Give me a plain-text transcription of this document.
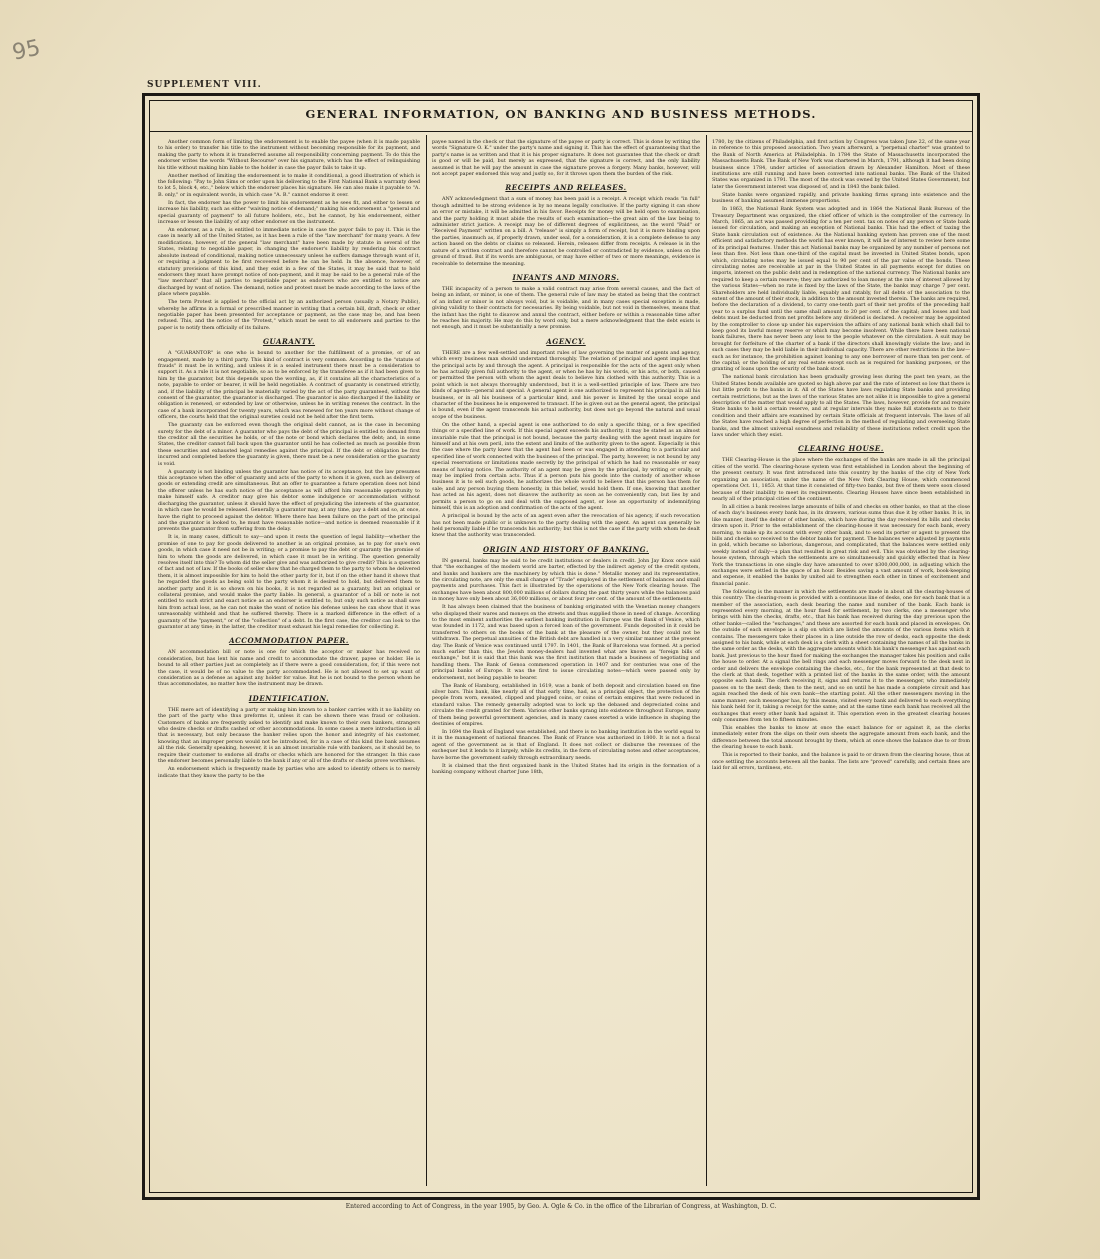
95
SUPPLEMENT VIII.
GENERAL INFORMATION, ON BANKING AND BUSINESS METHODS.

Another common form of limiting the endorsement is to enable the payee (when it is made payable to his order) to transfer his title to the instrument without becoming responsible for its payment, and making the party to whom it is transferred assume all responsibility concerning payment. To do this the endorser writes the words "Without Recourse" over his signature, which has the effect of relinquishing his title without making him liable to the holder in case the payor fails to take it up.

Another method of limiting the endorsement is to make it conditional, a good illustration of which is the following: "Pay to John Sims or order upon his delivering to the First National Bank a warranty deed to lot 5, block 4, etc.," below which the endorser places his signature. He can also make it payable to "A. B. only," or in equivalent words, in which case "A. B." cannot endorse it over.

In fact, the endorser has the power to limit his endorsement as he sees fit, and either to lessen or increase his liability, such as either "waiving notice of demand;" making his endorsement a "general and special guaranty of payment" to all future holders, etc., but he cannot, by his endorsement, either increase or lessen the liability of any other endorser on the instrument.

An endorser, as a rule, is entitled to immediate notice in case the payor fails to pay it. This is the case in nearly all of the United States, as it has been a rule of the "law merchant" for many years. A few modifications, however, of the general "law merchant" have been made by statute in several of the States, relating to negotiable paper, in changing the endorser's liability by rendering his contract absolute instead of conditional, making notice unnecessary unless he suffers damage through want of it, or requiring a judgment to be first recovered before he can be held. In the absence, however, of statutory provisions of this kind, and they exist in a few of the States, it may be said that to hold endorsers they must have prompt notice of non-payment, and it may be said to be a general rule of the "law merchant" that all parties to negotiable paper as endorsers who are entitled to notice are discharged by want of notice. The demand, notice and protest must be made according to the laws of the place where payable.

The term Protest is applied to the official act by an authorized person (usually a Notary Public), whereby he affirms in a formal or prescribed manner in writing that a certain bill, draft, check or other negotiable paper has been presented for acceptance or payment, as the case may be, and has been refused. This, and the notice of the "Protest," which must be sent to all endorsers and parties to the paper is to notify them officially of its failure.

GUARANTY.

A "GUARANTOR" is one who is bound to another for the fulfillment of a promise, or of an engagement, made by a third party. This kind of contract is very common. According to the "statute of frauds" it must be in writing, and unless it is a sealed instrument there must be a consideration to support it. As a rule it is not negotiable, so as to be enforced by the transferee as if it had been given to him by the guarantor, but this depends upon the wording, as, if it contains all the characteristics of a note, payable to order or bearer, it will be held negotiable. A contract of guaranty is construed strictly, and, if the liability of the principal be materially varied by the act of the party guaranteed, without the consent of the guarantor, the guarantor is discharged. The guarantor is also discharged if the liability or obligation is renewed, or extended by law or otherwise, unless he in writing renews the contract. In the case of a bank incorporated for twenty years, which was renewed for ten years more without change of officers, the courts held that the original sureties could not be held after the first term.

The guaranty can be enforced even though the original debt cannot, as is the case in becoming surety for the debt of a minor. A guarantor who pays the debt of the principal is entitled to demand from the creditor all the securities he holds, or of the note or bond which declares the debt; and, in some States, the creditor cannot fall back upon the guarantor until he has collected as much as possible from these securities and exhausted legal remedies against the principal. If the debt or obligation be first incurred and completed before the guaranty is given, there must be a new consideration or the guaranty is void.

A guaranty is not binding unless the guarantor has notice of its acceptance, but the law presumes this acceptance when the offer of guaranty and acts of the party to whom it is given, such as delivery of goods or extending credit are simultaneous. But an offer to guarantee a future operation does not bind the offerer unless he has such notice of the acceptance as will afford him reasonable opportunity to make himself safe. A creditor may give his debtor some indulgence or accommodation without discharging the guarantor, unless it should have the effect of prejudicing the interests of the guarantor, in which case he would be released. Generally a guarantor may, at any time, pay a debt and so, at once, have the right to proceed against the debtor. Where there has been failure on the part of the principal and the guarantor is looked to, he must have reasonable notice—and notice is deemed reasonable if it prevents the guarantor from suffering from the delay.

It is, in many cases, difficult to say—and upon it rests the question of legal liability—whether the promise of one to pay for goods delivered to another is an original promise, as to pay for one's own goods, in which case it need not be in writing; or a promise to pay the debt or guaranty the promise of him to whom the goods are delivered, in which case it must be in writing. The question generally resolves itself into this? To whom did the seller give and was authorized to give credit? This is a question of fact and not of law. If the books of seller show that he charged them to the party to whom he delivered them, it is almost impossible for him to hold the other party for it, but if on the other hand it shows that he regarded the goods as being sold to the party whom it is desired to hold, but delivered them to another party and it is so shown on his books, it is not regarded as a guaranty, but an original or collateral promise, and would make the party liable. In general, a guarantor of a bill or note is not entitled to such strict and exact notice as an endorser is entitled to, but only such notice as shall save him from actual loss, as he can not make the want of notice his defense unless he can show that it was unreasonably withheld and that he suffered thereby. There is a marked difference in the effect of a guaranty of the "payment," or of the "collection" of a debt. In the first case, the creditor can look to the guarantor at any time; in the latter, the creditor must exhaust his legal remedies for collecting it.

ACCOMMODATION PAPER.

AN accommodation bill or note is one for which the acceptor or maker has received no consideration, but has lent his name and credit to accommodate the drawer, payee or holder. He is bound to all other parties just as completely as if there were a good consideration, for, if this were not the case, it would be of no value to the party accommodated. He is not allowed to set up want of consideration as a defense as against any holder for value. But he is not bound to the person whom he thus accommodates, no matter how the instrument may be drawn.

IDENTIFICATION.

THE mere act of identifying a party or making him known to a banker carries with it no liability on the part of the party who thus preforms it, unless it can be shown there was fraud or collusion. Customers of banks are frequently asked to identify and make known to their own bankers, strangers who desire checks or drafts cashed or other accommodations. In some cases a mere introduction is all that is necessary, but only because the banker relies upon the honor and integrity of his customer, knowing that an improper person would not be introduced, for in a case of this kind the bank assumes all the risk. Generally speaking, however, it is an almost invariable rule with bankers, as it should be, to require their customer to endorse all drafts or checks which are honored for the stranger. In this case the endorser becomes personally liable to the bank if any or all of the drafts or checks prove worthless.

An endorsement which is frequently made by parties who are asked to identify others is to merely indicate that they know the party to be the

payee named in the check or that the signature of the payee or party is correct. This is done by writing the words "Signature O. K." under the party's name and signing it. This has the effect of guaranteeing that the party's name is as written and that it is his proper signature. It does not guarantee that the check or draft is good or will be paid, but merely as expressed, that the signature is correct, and the only liability assumed is that he will pay the amount in case the signature proves a forgery. Many banks, however, will not accept paper endorsed this way and justly so, for it throws upon them the burden of the risk.

RECEIPTS AND RELEASES.

ANY acknowledgment that a sum of money has been paid is a receipt. A receipt which reads "in full" though admitted to be strong evidence is by no means legally conclusive. If the party signing it can show an error or mistake, it will be admitted in his favor. Receipts for money will be held open to examination, and the party holding it must abide the results of such examination—the great aim of the law being to administer strict justice. A receipt may be of different degrees of explicitness, as the word "Paid" or "Received Payment" written on a bill. A "release" is simply a form of receipt, but it is more binding upon the parties, inasmuch as, if properly drawn, under seal, for a consideration, it is a complete defense to any action based on the debts or claims so released. Herein, releases differ from receipts. A release is in the nature of a written contract and therefore cannot be controlled or contradicted by evidence, unless on the ground of fraud. But if its words are ambiguous, or may have either of two or more meanings, evidence is receivable to determine the meaning.

INFANTS AND MINORS.

THE incapacity of a person to make a valid contract may arise from several causes, and the fact of being an infant, or minor, is one of them. The general rule of law may be stated as being that the contract of an infant or minor is not always void, but is voidable, and in many cases special exception is made, giving validity to their contracts for necessaries. By being voidable, but not void in themselves, means that the infant has the right to disavow and annul the contract, either before or within a reasonable time after he reaches his majority. He may do this by word only, but a mere acknowledgment that the debt exists is not enough, and it must be substantially a new promise.

AGENCY.

THERE are a few well-settled and important rules of law governing the matter of agents and agency, which every business man should understand thoroughly. The relation of principal and agent implies that the principal acts by and through the agent. A principal is responsible for the acts of the agent only when he has actually given full authority to the agent, or when he has by his words, or his acts, or both, caused or permitted the person with whom the agent deals to believe him clothed with this authority. This is a point which is not always thoroughly understood, but it is a well-settled principle of law. There are two kinds of agents—general and special. A general agent is one authorized to represent his principal in all his business, or in all his business of a particular kind, and his power is limited by the usual scope and character of the business he is empowered to transact. If he is given out as the general agent, the principal is bound, even if the agent transcends his actual authority, but does not go beyond the natural and usual scope of the business.

On the other hand, a special agent is one authorized to do only a specific thing, or a few specified things or a specified line of work. If this special agent exceeds his authority, it may be stated as an almost invariable rule that the principal is not bound, because the party dealing with the agent must inquire for himself and at his own peril, into the extent and limits of the authority given to the agent. Especially is this the case where the party knew that the agent had been or was engaged in attending to a particular and specified line of work connected with the business of the principal. The party, however, is not bound by any special reservations or limitations made secretly by the principal of which he had no reasonable or easy means of having notice. The authority of an agent may be given by the principal, by writing or orally, or may be implied from certain acts. Thus if a person puts his goods into the custody of another whose business it is to sell such goods, he authorizes the whole world to believe that this person has them for sale; and any person buying them honestly, in this belief, would hold them. If one, knowing that another has acted as his agent, does not disavow the authority as soon as he conveniently can, but lies by and permits a person to go on and deal with the supposed agent, or lose an opportunity of indemnifying himself, this is an adoption and confirmation of the acts of the agent.

A principal is bound by the acts of an agent even after the revocation of his agency, if such revocation has not been made public or is unknown to the party dealing with the agent. An agent can generally be held personally liable if he transcends his authority; but this is not the case if the party with whom he dealt knew that the authority was transcended.

ORIGIN AND HISTORY OF BANKING.

IN general, banks may be said to be credit institutions or dealers in credit. John Jay Knox once said that "the exchanges of the modern world are barter, effected by the indirect agency of the credit system, and banks and bankers are the machinery by which this is done." Metallic money and its representative, the circulating note, are only the small change of "Trade" employed in the settlement of balances and small payments and purchases. This fact is illustrated by the operations of the New York clearing house. The exchanges have been about 800,000 millions of dollars during the past thirty years while the balances paid in money have only been about 36,000 millions, or about four per cent. of the amount of the settlements.

It has always been claimed that the business of banking originated with the Venetian money changers who displayed their wares and moneys on the streets and thus supplied those in need of change. According to the most eminent authorities the earliest banking institution in Europe was the Bank of Venice, which was founded in 1172, and was based upon a forced loan of the government. Funds deposited in it could be transferred to others on the books of the bank at the pleasure of the owner, but they could not be withdrawn. The perpetual annuities of the British debt are handled in a very similar manner at the present day. The Bank of Venice was continued until 1797. In 1401, the Bank of Barcelona was formed. At a period much earlier than this, the Jewish money-dealers had invented what are known as "foreign bills of exchange," but it is said that this bank was the first institution that made a business of negotiating and handling them. The Bank of Genoa commenced operation in 1407 and for centuries was one of the principal banks of Europe. It was the first to issue circulating notes—which were passed only by endorsement, not being payable to bearer.

The Bank of Hamburg, established in 1619, was a bank of both deposit and circulation based on fine silver bars. This bank, like nearly all of that early time, had, as a principal object, the protection of the people from worn, sweated, clipped and plugged coins, or coins of certain empires that were reduced in standard value. The remedy generally adopted was to lock up the debased and depreciated coins and circulate the credit granted for them. Various other banks sprang into existence throughout Europe, many of them being powerful government agencies, and in many cases exerted a wide influence in shaping the destinies of empires.

In 1694 the Bank of England was established, and there is no banking institution in the world equal to it in the management of national finances. The Bank of France was authorized in 1800. It is not a fiscal agent of the government as is that of England. It does not collect or disburse the revenues of the exchequer but it lends to it largely, while its credits, in the form of circulating notes and other acceptances, have borne the government safely through extraordinary needs.

It is claimed that the first organized bank in the United States had its origin in the formation of a banking company without charter June 18th,

1780, by the citizens of Philadelphia, and first action by Congress was taken June 22, of the same year in reference to this proposed association. Two years afterward, a "perpetual charter" was granted to the Bank of North America at Philadelphia. In 1784 the State of Massachusetts incorporated the Massachusetts Bank. The Bank of New York was chartered in March, 1791, although it had been doing business since 1784, under articles of association drawn by Alexander Hamilton. Most of these institutions are still running and have been converted into national banks. The Bank of the United States was organized in 1791. The most of the stock was owned by the United States Government, but later the Government interest was disposed of, and in 1843 the bank failed.

State banks were organized rapidly, and private banking firms sprang into existence and the business of banking assumed immense proportions.

In 1863, the National Bank System was adopted and in 1864 the National Bank Bureau of the Treasury Department was organized, the chief officer of which is the comptroller of the currency. In March, 1865, an act was passed providing for a ten per cent. tax on notes of any person or State bank issued for circulation, and making an exception of National banks. This had the effect of taxing the State bank circulation out of existence. As the National banking system has proven one of the most efficient and satisfactory methods the world has ever known, it will be of interest to review here some of its principal features. Under this act National banks may be organized by any number of persons not less than five. Not less than one-third of the capital must be invested in United States bonds, upon which, circulating notes may be issued equal to 90 per cent of the par value of the bonds. These circulating notes are receivable at par in the United States in all payments except for duties on imports, interest on the public debt and in redemption of the national currency. The National banks are required to keep a certain reserve; they are authorized to loan money at the rate of interest allowed by the various States—when no rate is fixed by the laws of the State, the banks may charge 7 per cent. Shareholders are held individually liable, equably and ratably, for all debts of the association to the extent of the amount of their stock, in addition to the amount invested therein. The banks are required, before the declaration of a dividend, to carry one-tenth part of their net profits of the preceding half year to a surplus fund until the same shall amount to 20 per cent. of the capital; and losses and bad debts must be deducted from net profits before any dividend is declared. A receiver may be appointed by the comptroller to close up under his supervision the affairs of any national bank which shall fail to keep good its lawful money reserve or which may become insolvent. While there have been national bank failures, there has never been any loss to the people whatever on the circulation. A suit may be brought for forfeiture of the charter of a bank if the directors shall knowingly violate the law; and in such cases they may be held liable in their individual capacity. There are other restrictions in the law—such as for instance, the prohibition against loaning to any one borrower of more than ten per cent. of the capital; or the holding of any real estate except such as is required for banking purposes, or the granting of loans upon the security of the bank stock.

The national bank circulation has been gradually growing less during the past ten years, as the United States bonds available are quoted so high above par and the rate of interest so low that there is but little profit to the banks in it. All of the States have laws regulating State banks and providing certain restrictions, but as the laws of the various States are not alike it is impossible to give a general description of the matter that would apply to all the States. The laws, however, provide for and require State banks to hold a certain reserve, and at regular intervals they make full statements as to their condition and their affairs are examined by certain State officials at frequent intervals. The laws of all the States have reached a high degree of perfection in the method of regulating and overseeing State banks, and the almost universal soundness and reliability of these institutions reflect credit upon the laws under which they exist.

CLEARING HOUSE.

THE Clearing-House is the place where the exchanges of the banks are made in all the principal cities of the world. The clearing-house system was first established in London about the beginning of the present century. It was first introduced into this country by the banks of the city of New York organizing an association, under the name of the New York Clearing House, which commenced operations Oct. 11, 1853. At that time it consisted of fifty-two banks, but five of them were soon closed because of their inability to meet its requirements. Clearing Houses have since been established in nearly all of the principal cities of the continent.

In all cities a bank receives large amounts of bills of and checks on other banks, so that at the close of each day's business every bank has, in its drawers, various sums thus due it by other banks. It is, in like manner, itself the debtor of other banks, which have during the day received its bills and checks drawn upon it. Prior to the establishment of the clearing-house it was necessary for each bank, every morning, to make up its account with every other bank, and to send its porter or agent to present the bills and checks so received to the debtor banks for payment. The balances were adjusted by payments in gold, which became so laborious, dangerous, and complicated, that the balances were settled only weekly instead of daily—a plan that resulted in great risk and evil. This was obviated by the clearing-house system, through which the settlements are so simultaneously and quickly effected that in New York the transactions in one single day have amounted to over $300,000,000, in adjusting which the exchanges were settled in the space of an hour. Besides saving a vast amount of work, book-keeping and expense, it enabled the banks by united aid to strengthen each other in times of excitement and financial panic.

The following is the manner in which the settlements are made in about all the clearing-houses of this country: The clearing-room is provided with a continuous line of desks, one for each bank that is a member of the association, each desk bearing the name and number of the bank. Each bank is represented every morning, at the hour fixed for settlement, by two clerks, one a messenger who brings with him the checks, drafts, etc., that his bank has received during the day previous upon the other banks—called the "exchanges," and these are assorted for each bank and placed in envelopes. On the outside of each envelope is a slip on which are listed the amounts of the various items which it contains. The messengers take their places in a line outside the row of desks, each opposite the desk assigned to his bank, while at each desk is a clerk with a sheet containing the names of all the banks in the same order as the desks, with the aggregate amounts which his bank's messenger has against each bank. Just previous to the hour fixed for making the exchanges the manager takes his position and calls the house to order. At a signal the bell rings and each messenger moves forward to the desk next in order and delivers the envelope containing the checks, etc., for the bank represented at that desk to the clerk at that desk, together with a printed list of the banks in the same order, with the amount opposite each bank. The clerk receiving it, signs and returns it to the messenger, who immediately passes on to the next desk; then to the next, and so on until he has made a complete circuit and has again reached the desk of his own bank—the starting point. All the other messengers moving in the same manner; each messenger has, by this means, visited every bank and delivered to each everything his bank held for it, taking a receipt for the same; and at the same time each bank has received all the exchanges that every other bank had against it. This operation even in the greatest clearing houses only consumes from ten to fifteen minutes.

This enables the banks to know at once the exact balance for or against it, as the clerks immediately enter from the slips on their own sheets the aggregate amount from each bank, and the difference between the total amount brought by them, which at once shows the balance due to or from the clearing house to each bank.

This is reported to their banks, and the balance is paid to or drawn from the clearing house, thus at once settling the accounts between all the banks. The lists are "proved" carefully, and certain fines are laid for all errors, tardiness, etc.

Entered according to Act of Congress, in the year 1905, by Geo. A. Ogle & Co. in the office of the Librarian of Congress, at Washington, D. C.
